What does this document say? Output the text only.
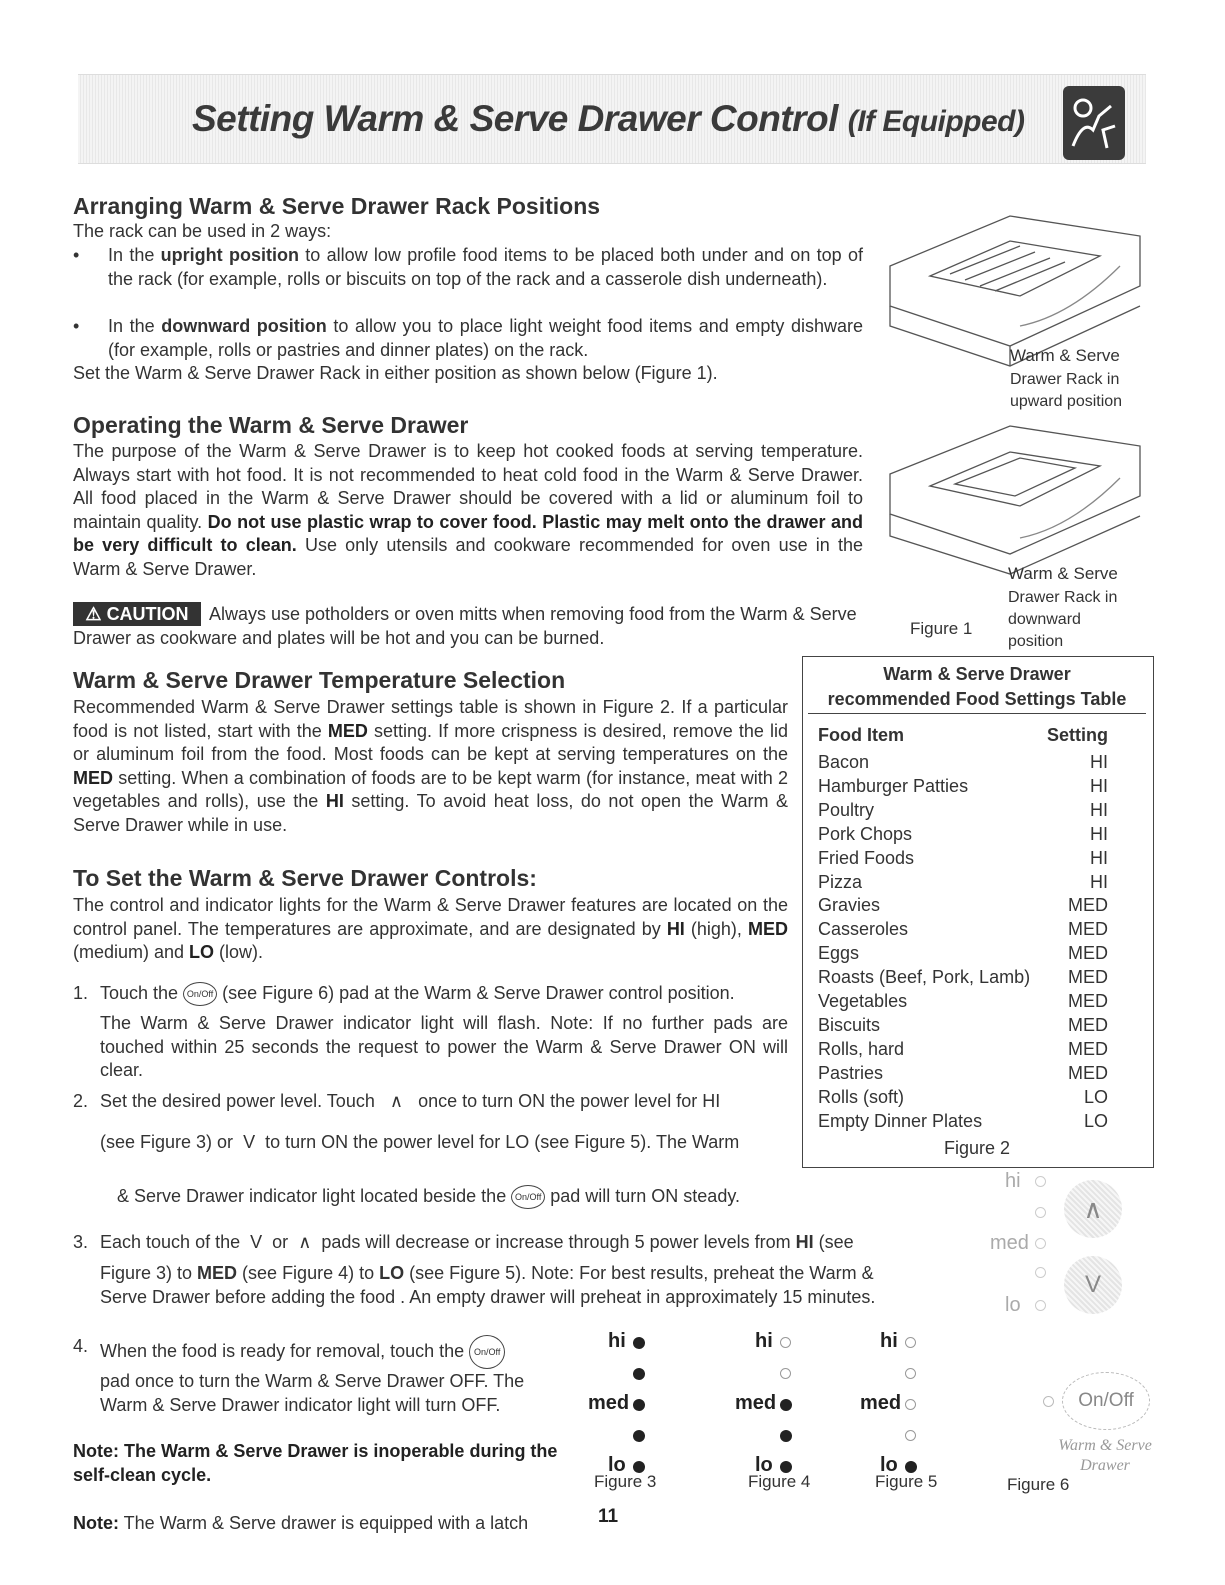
Setting Warm & Serve Drawer Control (If Equipped)
Arranging Warm & Serve Drawer Rack Positions
The rack can be used in 2 ways:
• In the upright position to allow low profile food items to be placed both under and on top of the rack (for example, rolls or biscuits on top of the rack and a casserole dish underneath).
• In the downward position to allow you to place light weight food items and empty dishware (for example, rolls or pastries and dinner plates) on the rack.
Set the Warm & Serve Drawer Rack in either position as shown below (Figure 1).
Warm & Serve
Drawer Rack in
upward position
Warm & Serve
Drawer Rack in
downward
position
Figure 1
Operating the Warm & Serve Drawer
The purpose of the Warm & Serve Drawer is to keep hot cooked foods at serving temperature. Always start with hot food. It is not recommended to heat cold food in the Warm & Serve Drawer. All food placed in the Warm & Serve Drawer should be covered with a lid or aluminum foil to maintain quality. Do not use plastic wrap to cover food. Plastic may melt onto the drawer and be very difficult to clean. Use only utensils and cookware recommended for oven use in the Warm & Serve Drawer.
⚠ CAUTION	Always use potholders or oven mitts when removing food from the Warm & Serve Drawer as cookware and plates will be hot and you can be burned.
Warm & Serve Drawer Temperature Selection
Recommended Warm & Serve Drawer settings table is shown in Figure 2. If a particular food is not listed, start with the MED setting. If more crispness is desired, remove the lid or aluminum foil from the food. Most foods can be kept at serving temperatures on the MED setting. When a combination of foods are to be kept warm (for instance, meat with 2 vegetables and rolls), use the HI setting. To avoid heat loss, do not open the Warm & Serve Drawer while in use.
Warm & Serve Drawer
recommended Food Settings Table
Food Item	Setting
Bacon	HI
Hamburger Patties	HI
Poultry	HI
Pork Chops	HI
Fried Foods	HI
Pizza	HI
Gravies	MED
Casseroles	MED
Eggs	MED
Roasts (Beef, Pork, Lamb) MED
Vegetables	MED
Biscuits	MED
Rolls, hard	MED
Pastries	MED
Rolls (soft)	LO
Empty Dinner Plates	LO
Figure 2
To Set the Warm & Serve Drawer Controls:
The control and indicator lights for the Warm & Serve Drawer features are located on the control panel. The temperatures are approximate, and are designated by HI (high), MED (medium) and LO (low).
1. Touch the On/Off (see Figure 6) pad at the Warm & Serve Drawer control position.
The Warm & Serve Drawer indicator light will flash. Note: If no further pads are touched within 25 seconds the request to power the Warm & Serve Drawer ON will clear.
2. Set the desired power level. Touch ∧ once to turn ON the power level for HI
(see Figure 3) or V to turn ON the power level for LO (see Figure 5). The Warm
& Serve Drawer indicator light located beside the On/Off pad will turn ON steady.
3. Each touch of the V or ∧ pads will decrease or increase through 5 power levels from HI (see
Figure 3) to MED (see Figure 4) to LO (see Figure 5). Note: For best results, preheat the Warm &
Serve Drawer before adding the food . An empty drawer will preheat in approximately 15 minutes.
4. When the food is ready for removal, touch the On/Off
pad once to turn the Warm & Serve Drawer OFF. The Warm & Serve Drawer indicator light will turn OFF.
Note: The Warm & Serve Drawer is inoperable during the self-clean cycle.
Note: The Warm & Serve drawer is equipped with a latch	11
hi
med
lo
hi
med
lo
hi
med
lo
Figure 3	Figure 4	Figure 5
hi
med
lo
∧
V
On/Off
Warm & Serve
Drawer
Figure 6
